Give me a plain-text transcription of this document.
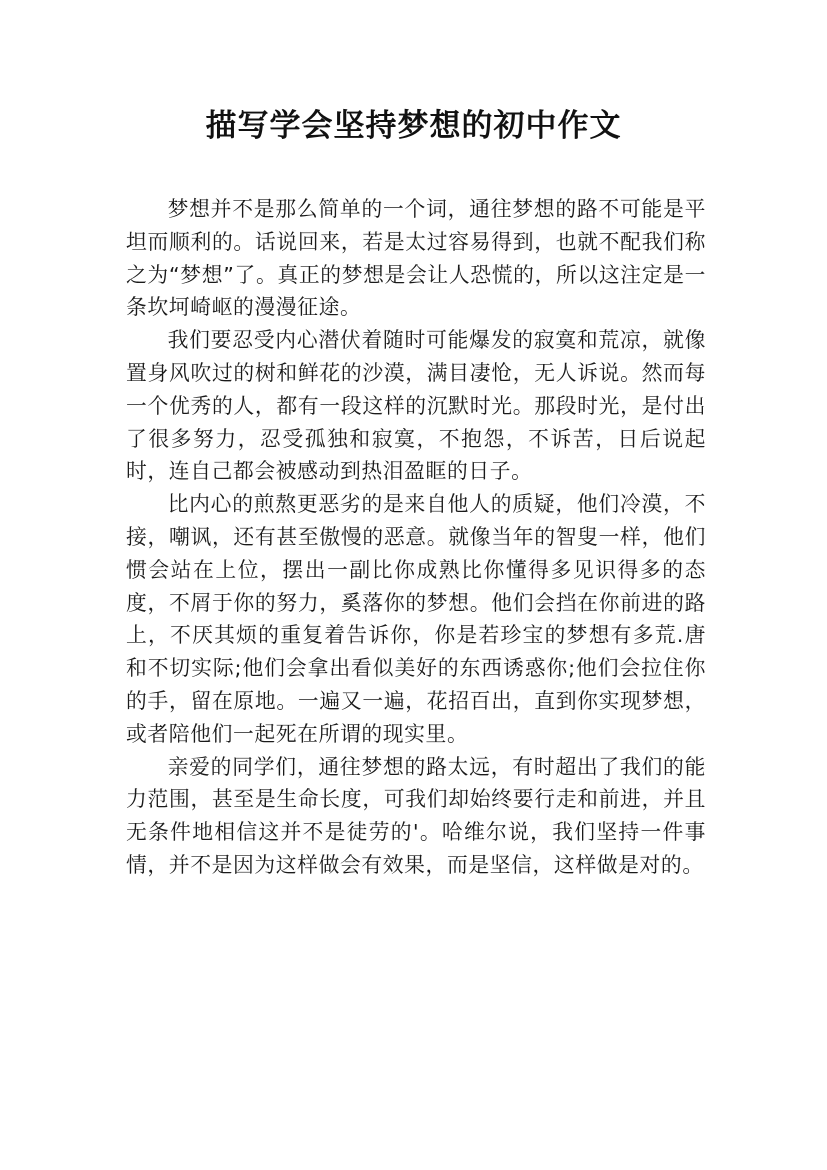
描写学会坚持梦想的初中作文

梦想并不是那么简单的一个词，通往梦想的路不可能是平坦而顺利的。话说回来，若是太过容易得到，也就不配我们称之为“梦想”了。真正的梦想是会让人恐慌的，所以这注定是一条坎坷崎岖的漫漫征途。

我们要忍受内心潜伏着随时可能爆发的寂寞和荒凉，就像置身风吹过的树和鲜花的沙漠，满目凄怆，无人诉说。然而每一个优秀的人，都有一段这样的沉默时光。那段时光，是付出了很多努力，忍受孤独和寂寞，不抱怨，不诉苦，日后说起时，连自己都会被感动到热泪盈眶的日子。

比内心的煎熬更恶劣的是来自他人的质疑，他们冷漠，不接，嘲讽，还有甚至傲慢的恶意。就像当年的智叟一样，他们惯会站在上位，摆出一副比你成熟比你懂得多见识得多的态度，不屑于你的努力，奚落你的梦想。他们会挡在你前进的路上，不厌其烦的重复着告诉你，你是若珍宝的梦想有多荒.唐和不切实际;他们会拿出看似美好的东西诱惑你;他们会拉住你的手，留在原地。一遍又一遍，花招百出，直到你实现梦想，或者陪他们一起死在所谓的现实里。

亲爱的同学们，通往梦想的路太远，有时超出了我们的能力范围，甚至是生命长度，可我们却始终要行走和前进，并且无条件地相信这并不是徒劳的'。哈维尔说，我们坚持一件事情，并不是因为这样做会有效果，而是坚信，这样做是对的。
